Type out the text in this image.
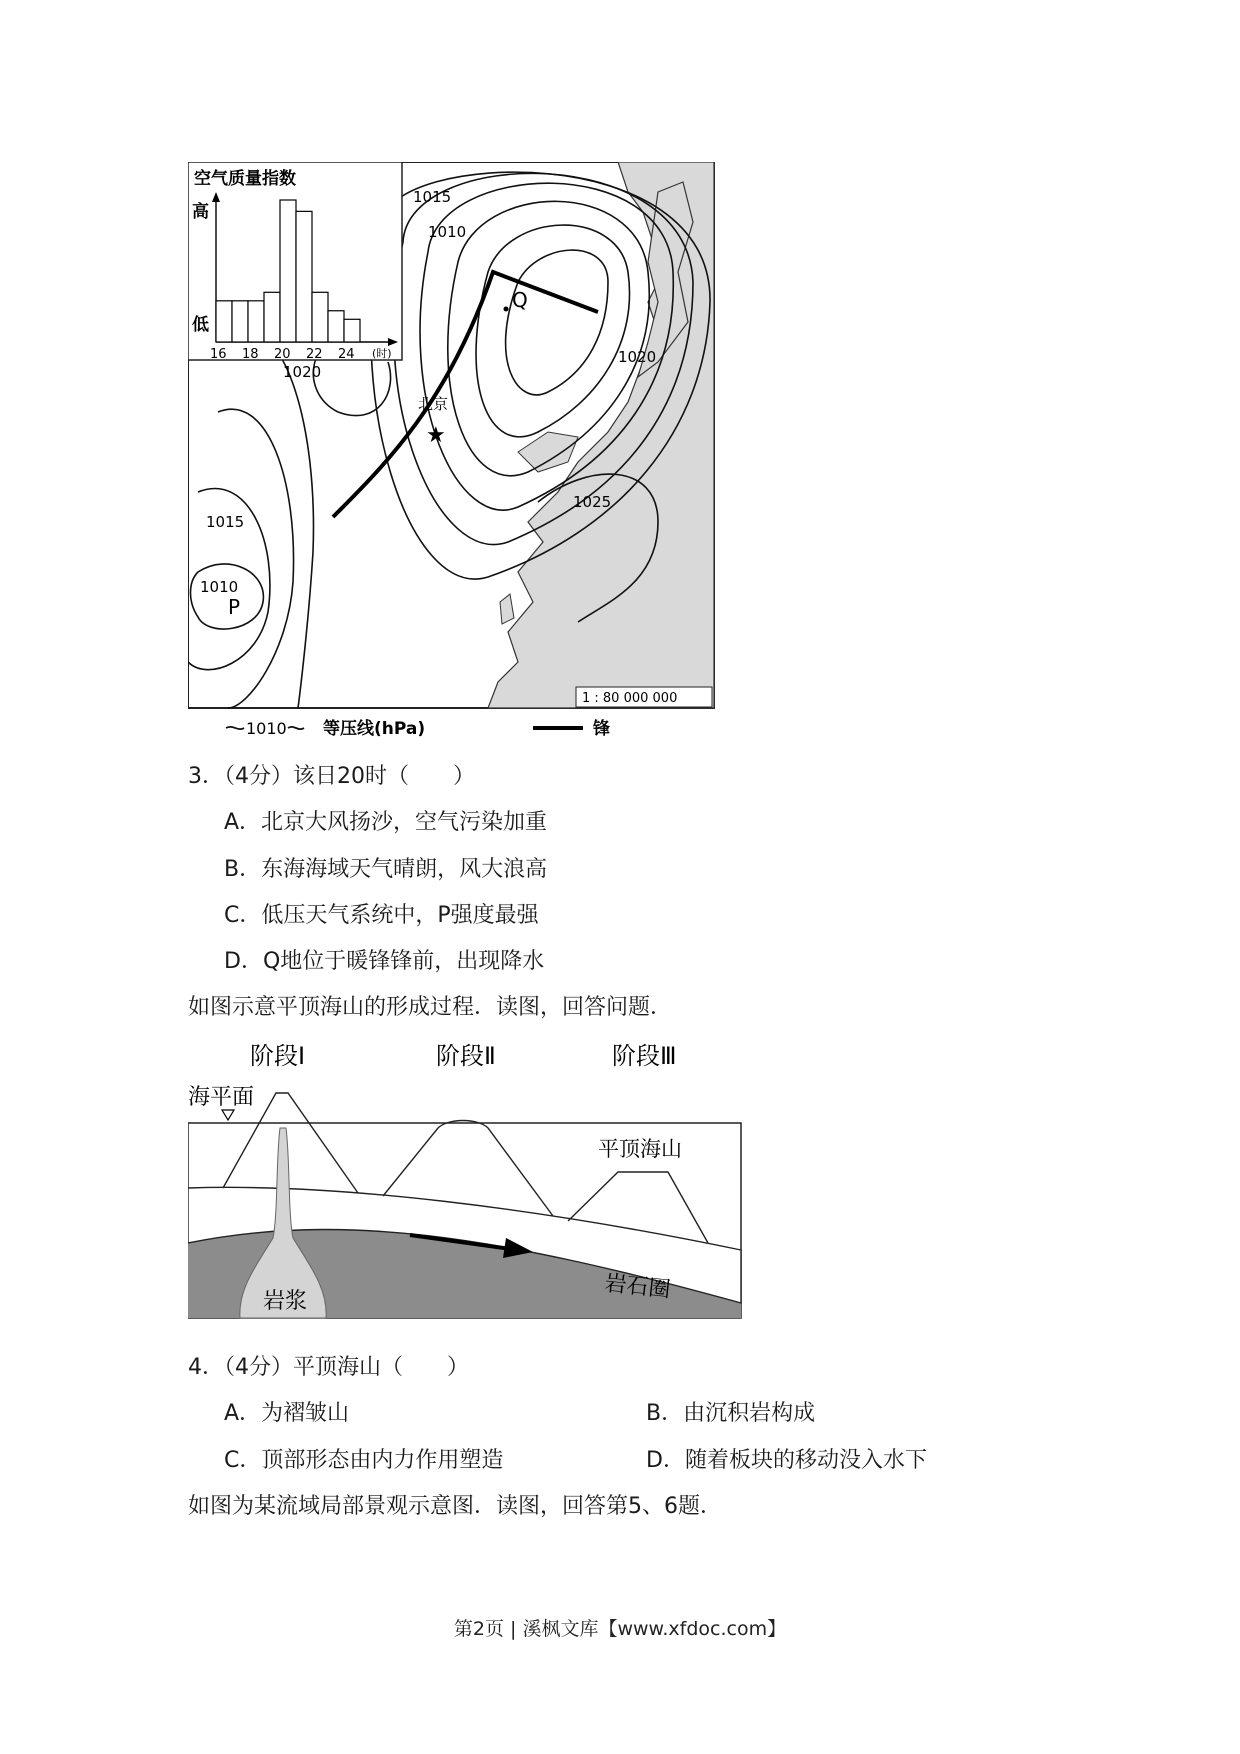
1015
1010
1020
1020
1025
1015
1010
北京
★
Q
P
1 : 80 000 000
1010 等压线(hPa)	锋
空气质量指数
高
低
16 18 20 22 24 (时)
3．（4分）该日20时（　　）
A．北京大风扬沙，空气污染加重
B．东海海域天气晴朗，风大浪高
C．低压天气系统中，P强度最强
D．Q地位于暖锋锋前，出现降水
如图示意平顶海山的形成过程．读图，回答问题．
阶段Ⅰ	阶段Ⅱ	阶段Ⅲ
海平面
平顶海山
岩石圈
岩浆
4．（4分）平顶海山（　　）
A．为褶皱山	B．由沉积岩构成
C．顶部形态由内力作用塑造	D．随着板块的移动没入水下
如图为某流域局部景观示意图．读图，回答第5、6题．
第2页 | 溪枫文库【www.xfdoc.com】
